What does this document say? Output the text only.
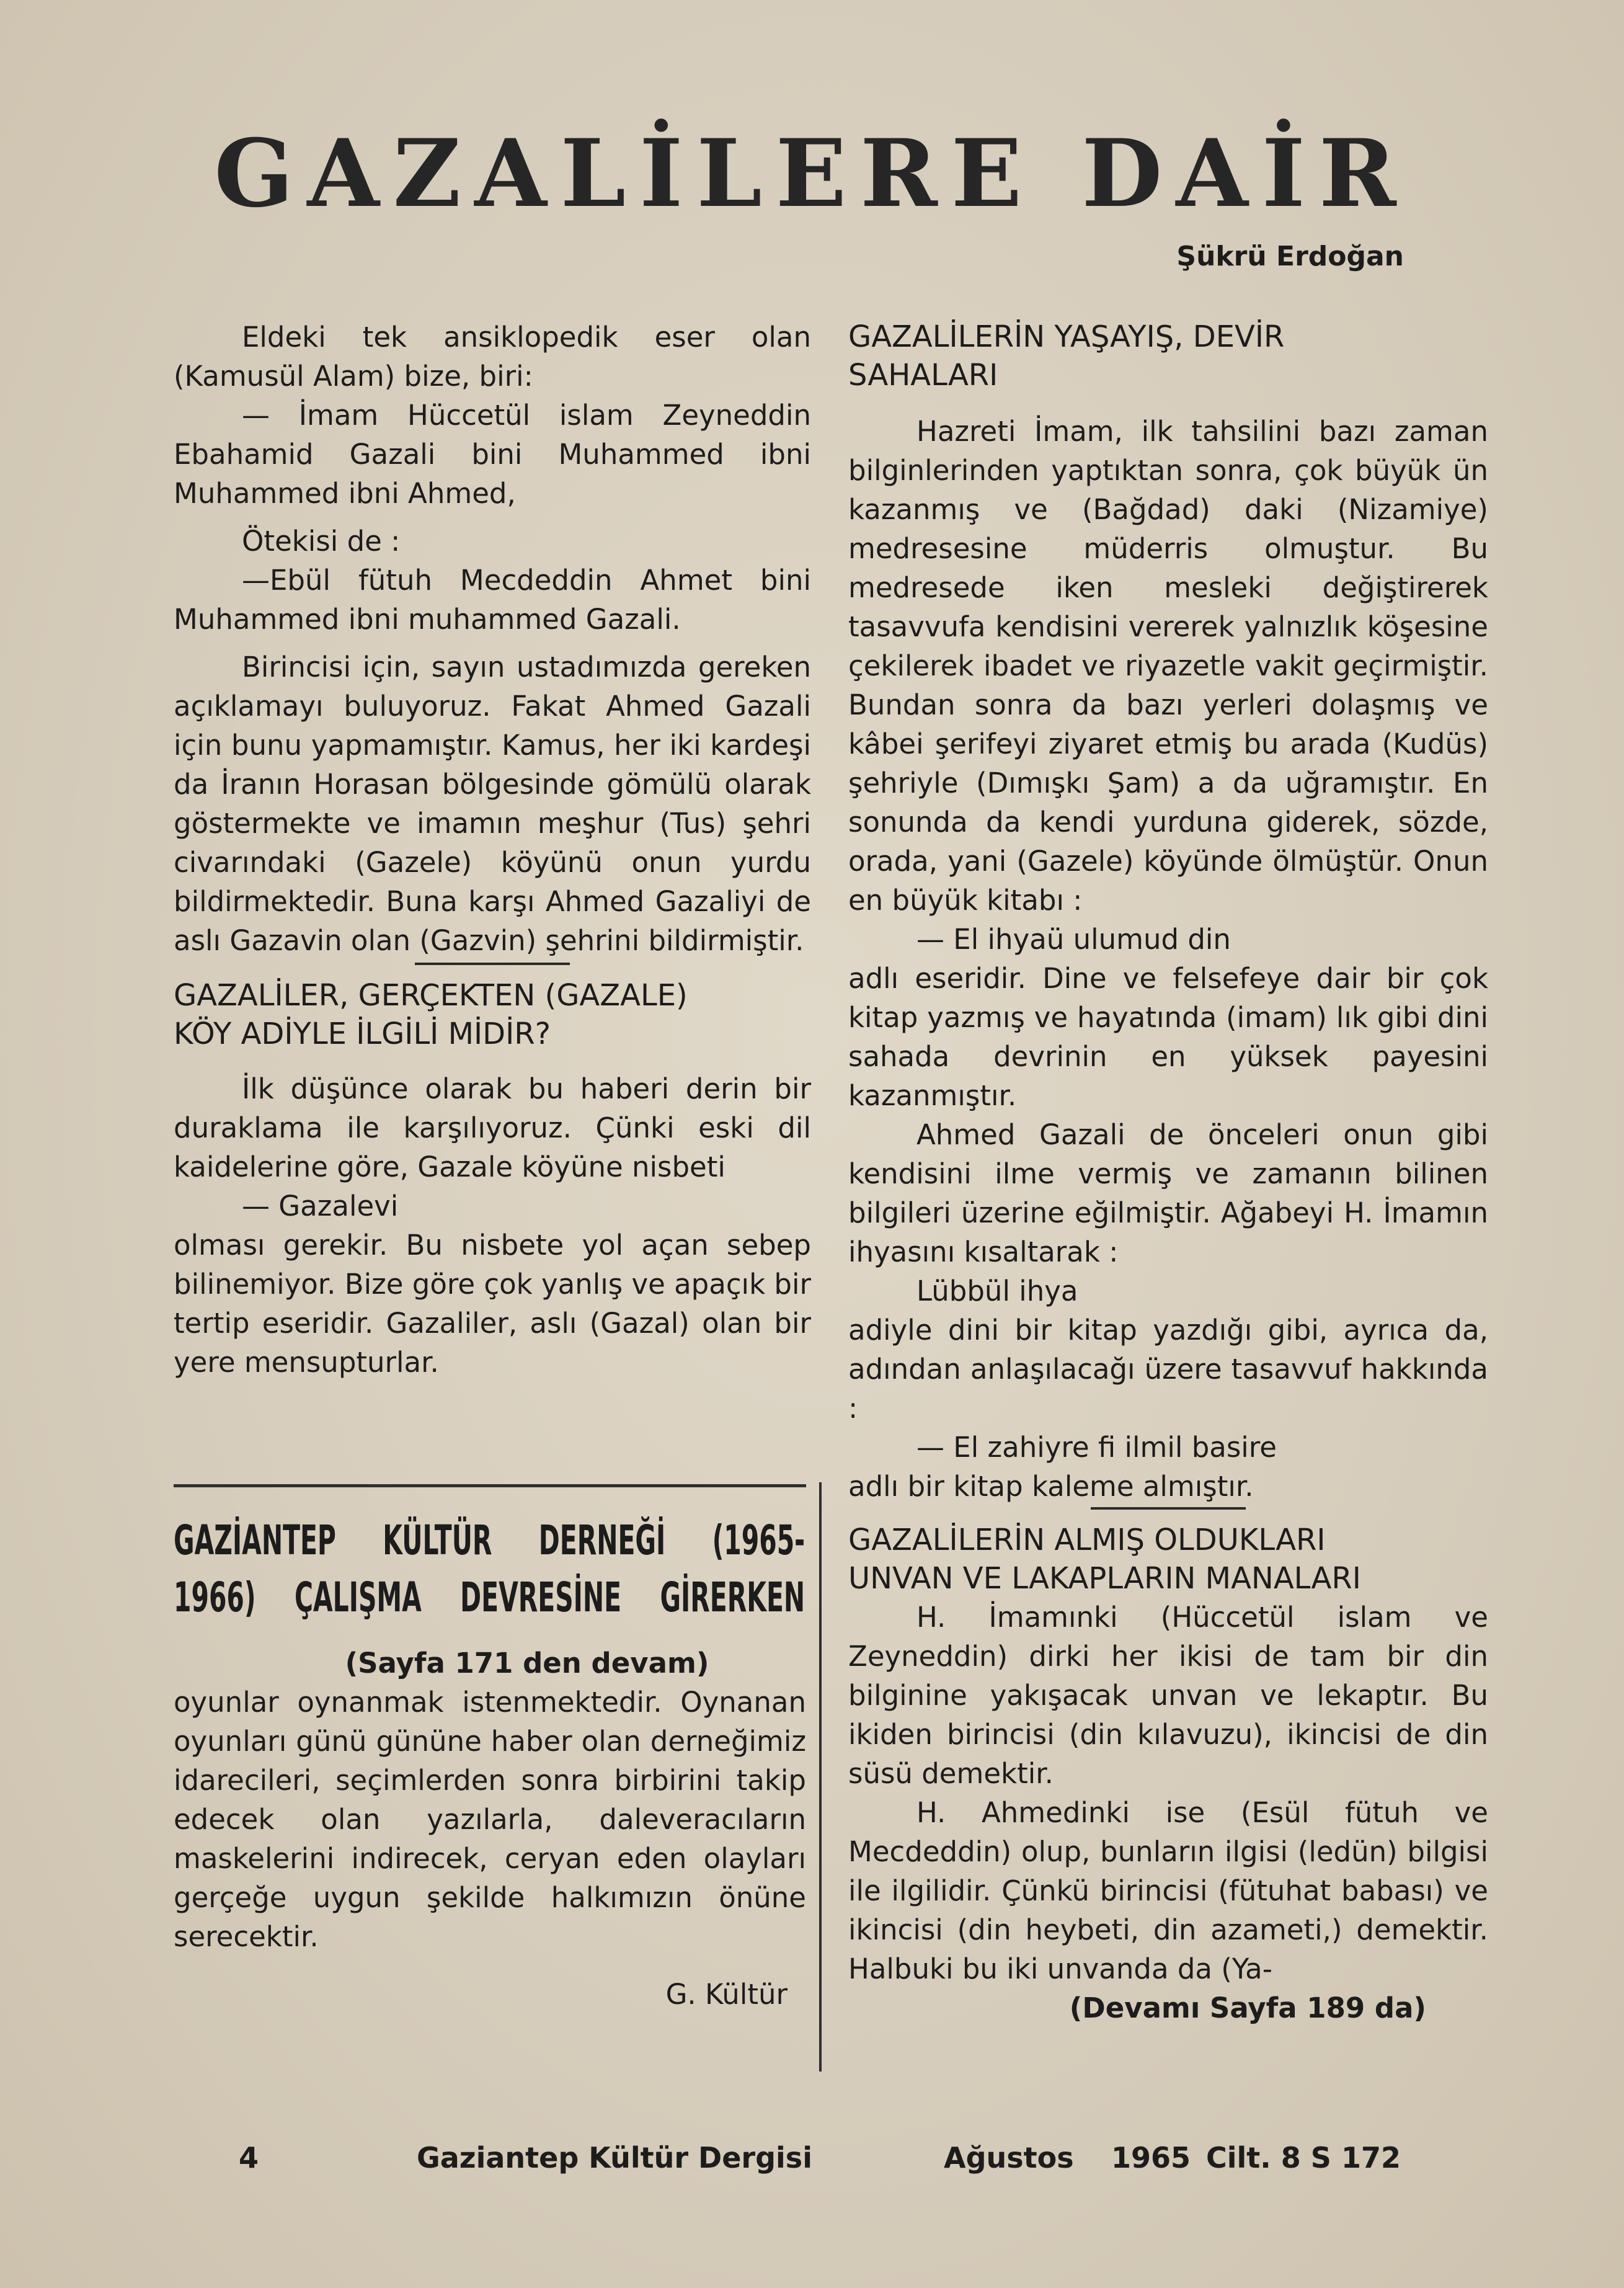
GAZALİLERE DAİR
Şükrü Erdoğan

Eldeki tek ansiklopedik eser olan (Kamusül Alam) bize, biri:

— İmam Hüccetül islam Zeyneddin Ebahamid Gazali bini Muhammed ibni Muhammed ibni Ahmed,

Ötekisi de :

—Ebül fütuh Mecdeddin Ahmet bini Muhammed ibni muhammed Gazali.

Birincisi için, sayın ustadımızda gereken açıklamayı buluyoruz. Fakat Ahmed Gazali için bunu yapmamıştır. Kamus, her iki kardeşi da İranın Horasan bölgesinde gömülü olarak göstermekte ve imamın meşhur (Tus) şehri civarındaki (Gazele) köyünü onun yurdu bildirmektedir. Buna karşı Ahmed Gazaliyi de aslı Gazavin olan (Gazvin) şehrini bildirmiştir.

GAZALİLER, GERÇEKTEN (GAZALE)

KÖY ADİYLE İLGİLİ MİDİR?

İlk düşünce olarak bu haberi derin bir duraklama ile karşılıyoruz. Çünki eski dil kaidelerine göre, Gazale köyüne nisbeti

— Gazalevi

olması gerekir. Bu nisbete yol açan sebep bilinemiyor. Bize göre çok yanlış ve apaçık bir tertip eseridir. Gazaliler, aslı (Gazal) olan bir yere mensupturlar.

GAZİANTEP KÜLTÜR DERNEĞİ (1965-

1966) ÇALIŞMA DEVRESİNE GİRERKEN

(Sayfa 171 den devam)

oyunlar oynanmak istenmektedir. Oynanan oyunları günü gününe haber olan derneğimiz idarecileri, seçimlerden sonra birbirini takip edecek olan yazılarla, daleveracıların maskelerini indirecek, ceryan eden olayları gerçeğe uygun şekilde halkımızın önüne serecektir.

G. Kültür

GAZALİLERİN YAŞAYIŞ, DEVİR

SAHALARI

Hazreti İmam, ilk tahsilini bazı zaman bilginlerinden yaptıktan sonra, çok büyük ün kazanmış ve (Bağdad) daki (Nizamiye) medresesine müderris olmuştur. Bu medresede iken mesleki değiştirerek tasavvufa kendisini vererek yalnızlık köşesine çekilerek ibadet ve riyazetle vakit geçirmiştir. Bundan sonra da bazı yerleri dolaşmış ve kâbei şerifeyi ziyaret etmiş bu arada (Kudüs) şehriyle (Dımışkı Şam) a da uğramıştır. En sonunda da kendi yurduna giderek, sözde, orada, yani (Gazele) köyünde ölmüştür. Onun en büyük kitabı :

— El ihyaü ulumud din

adlı eseridir. Dine ve felsefeye dair bir çok kitap yazmış ve hayatında (imam) lık gibi dini sahada devrinin en yüksek payesini kazanmıştır.

Ahmed Gazali de önceleri onun gibi kendisini ilme vermiş ve zamanın bilinen bilgileri üzerine eğilmiştir. Ağabeyi H. İmamın ihyasını kısaltarak :

Lübbül ihya

adiyle dini bir kitap yazdığı gibi, ayrıca da, adından anlaşılacağı üzere tasavvuf hakkında :

— El zahiyre fi ilmil basire

adlı bir kitap kaleme almıştır.

GAZALİLERİN ALMIŞ OLDUKLARI

UNVAN VE LAKAPLARIN MANALARI

H. İmamınki (Hüccetül islam ve Zeyneddin) dirki her ikisi de tam bir din bilginine yakışacak unvan ve lekaptır. Bu ikiden birincisi (din kılavuzu), ikincisi de din süsü demektir.

H. Ahmedinki ise (Esül fütuh ve Mecdeddin) olup, bunların ilgisi (ledün) bilgisi ile ilgilidir. Çünkü birincisi (fütuhat babası) ve ikincisi (din heybeti, din azameti,) demektir. Halbuki bu iki unvanda da (Ya-

(Devamı Sayfa 189 da)

4	Gaziantep Kültür Dergisi	Ağustos 1965 Cilt. 8 S 172
